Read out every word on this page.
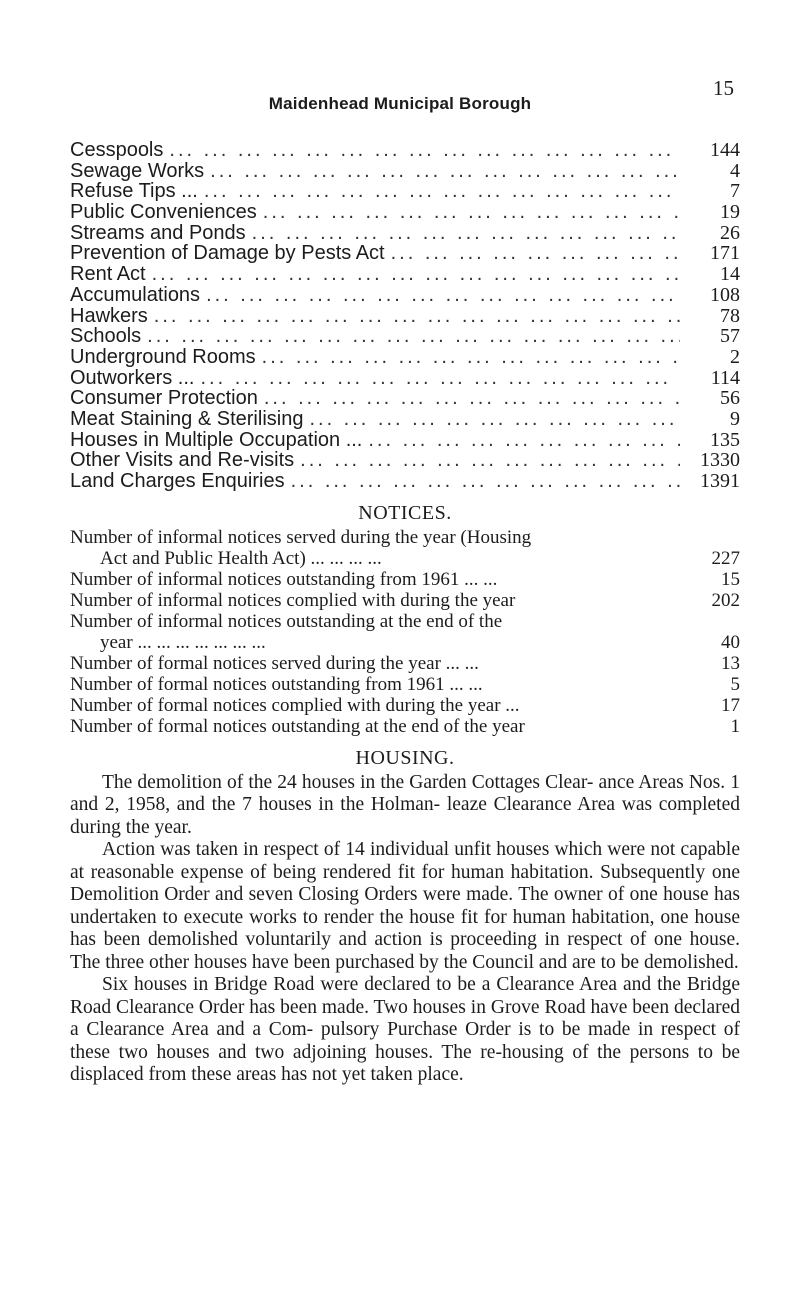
15
Maidenhead Municipal Borough
Cesspools ... .	144
Sewage Works ... .	4
Refuse Tips ... ... .	7
Public Conveniences ... .	19
Streams and Ponds ... .	26
Prevention of Damage by Pests Act ... .	171
Rent Act ... .	14
Accumulations ... .	108
Hawkers ... .	78
Schools ... .	57
Underground Rooms ... .	2
Outworkers ... ... .	114
Consumer Protection ... .	56
Meat Staining & Sterilising ... .	9
Houses in Multiple Occupation ... ... .	135
Other Visits and Re-visits ... .	1330
Land Charges Enquiries ... .	1391
NOTICES.
Number of informal notices served during the year (Housing
Act and Public Health Act) ... ... ... ...	227
Number of informal notices outstanding from 1961 ... ...	15
Number of informal notices complied with during the year	202
Number of informal notices outstanding at the end of the
year ... ... ... ... ... ... ...	40
Number of formal notices served during the year ... ...	13
Number of formal notices outstanding from 1961 ... ...	5
Number of formal notices complied with during the year ...	17
Number of formal notices outstanding at the end of the year	1
HOUSING.

The demolition of the 24 houses in the Garden Cottages Clear- ance Areas Nos. 1 and 2, 1958, and the 7 houses in the Holman- leaze Clearance Area was completed during the year.

Action was taken in respect of 14 individual unfit houses which were not capable at reasonable expense of being rendered fit for human habitation. Subsequently one Demolition Order and seven Closing Orders were made. The owner of one house has undertaken to execute works to render the house fit for human habitation, one house has been demolished voluntarily and action is proceeding in respect of one house. The three other houses have been purchased by the Council and are to be demolished.

Six houses in Bridge Road were declared to be a Clearance Area and the Bridge Road Clearance Order has been made. Two houses in Grove Road have been declared a Clearance Area and a Com- pulsory Purchase Order is to be made in respect of these two houses and two adjoining houses. The re-housing of the persons to be displaced from these areas has not yet taken place.
